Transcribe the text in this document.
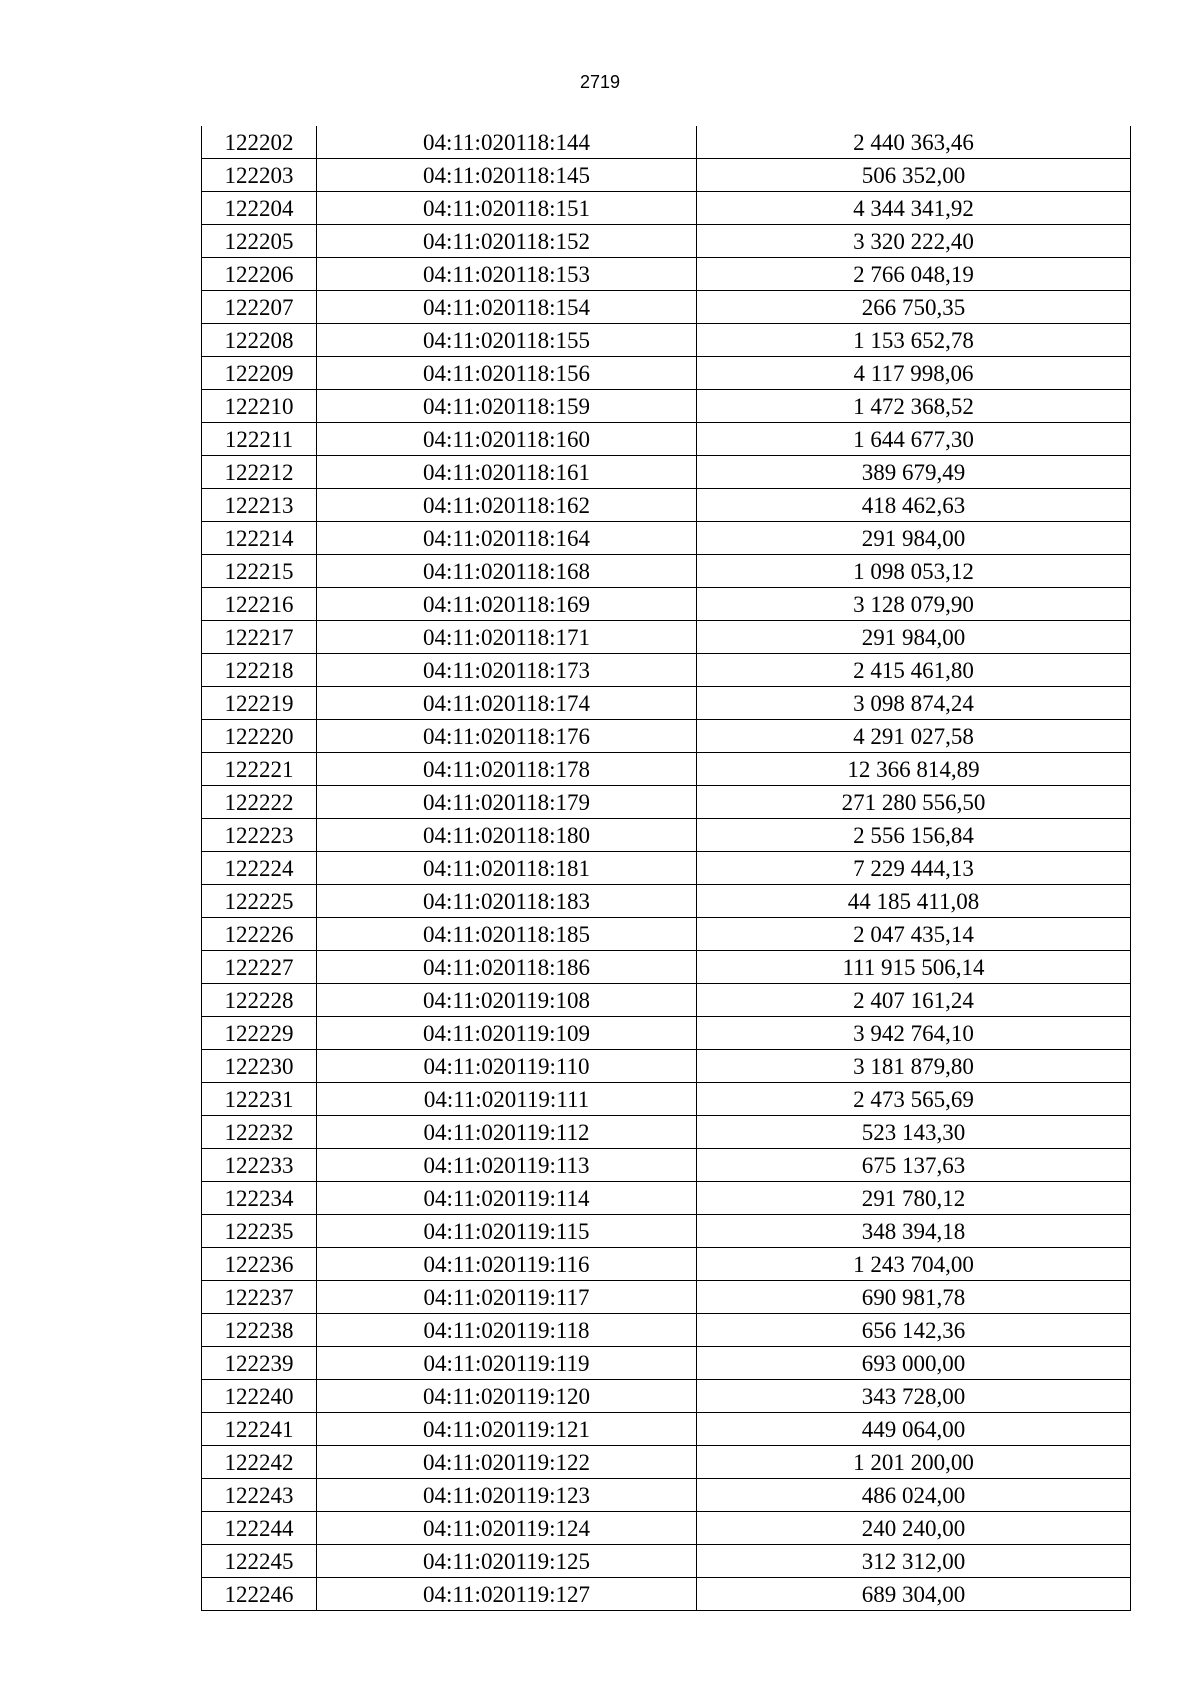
2719
122202	04:11:020118:144	2 440 363,46
122203	04:11:020118:145	506 352,00
122204	04:11:020118:151	4 344 341,92
122205	04:11:020118:152	3 320 222,40
122206	04:11:020118:153	2 766 048,19
122207	04:11:020118:154	266 750,35
122208	04:11:020118:155	1 153 652,78
122209	04:11:020118:156	4 117 998,06
122210	04:11:020118:159	1 472 368,52
122211	04:11:020118:160	1 644 677,30
122212	04:11:020118:161	389 679,49
122213	04:11:020118:162	418 462,63
122214	04:11:020118:164	291 984,00
122215	04:11:020118:168	1 098 053,12
122216	04:11:020118:169	3 128 079,90
122217	04:11:020118:171	291 984,00
122218	04:11:020118:173	2 415 461,80
122219	04:11:020118:174	3 098 874,24
122220	04:11:020118:176	4 291 027,58
122221	04:11:020118:178	12 366 814,89
122222	04:11:020118:179	271 280 556,50
122223	04:11:020118:180	2 556 156,84
122224	04:11:020118:181	7 229 444,13
122225	04:11:020118:183	44 185 411,08
122226	04:11:020118:185	2 047 435,14
122227	04:11:020118:186	111 915 506,14
122228	04:11:020119:108	2 407 161,24
122229	04:11:020119:109	3 942 764,10
122230	04:11:020119:110	3 181 879,80
122231	04:11:020119:111	2 473 565,69
122232	04:11:020119:112	523 143,30
122233	04:11:020119:113	675 137,63
122234	04:11:020119:114	291 780,12
122235	04:11:020119:115	348 394,18
122236	04:11:020119:116	1 243 704,00
122237	04:11:020119:117	690 981,78
122238	04:11:020119:118	656 142,36
122239	04:11:020119:119	693 000,00
122240	04:11:020119:120	343 728,00
122241	04:11:020119:121	449 064,00
122242	04:11:020119:122	1 201 200,00
122243	04:11:020119:123	486 024,00
122244	04:11:020119:124	240 240,00
122245	04:11:020119:125	312 312,00
122246	04:11:020119:127	689 304,00
